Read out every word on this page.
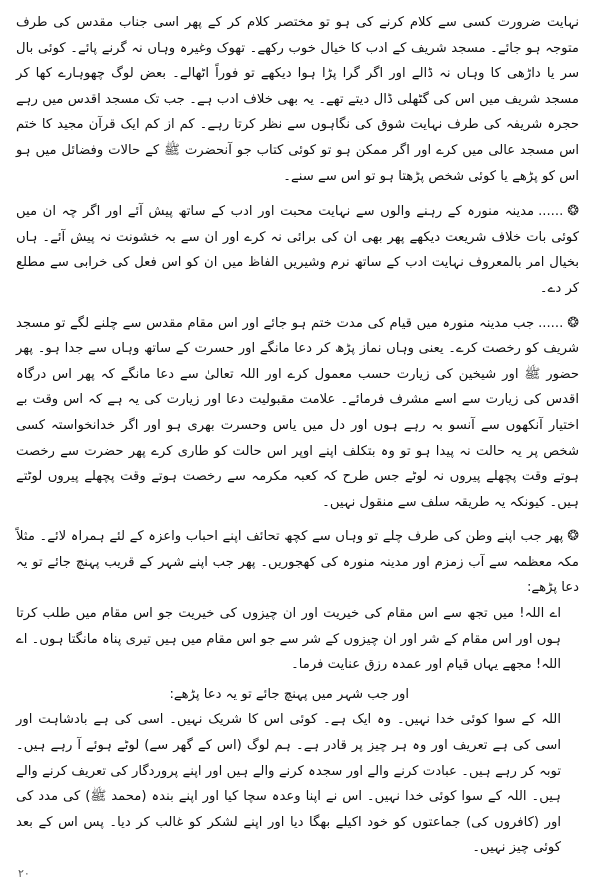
نہایت ضرورت کسی سے کلام کرنے کی ہو تو مختصر کلام کر کے پھر اسی جناب مقدس کی طرف متوجہ ہو جائے۔ مسجد شریف کے ادب کا خیال خوب رکھے۔ تھوک وغیرہ وہاں نہ گرنے پائے۔ کوئی بال سر یا داڑھی کا وہاں نہ ڈالے اور اگر گرا پڑا ہوا دیکھے تو فوراً اٹھالے۔ بعض لوگ چھوہارے کھا کر مسجد شریف میں اس کی گٹھلی ڈال دیتے تھے۔ یہ بھی خلاف ادب ہے۔ جب تک مسجد اقدس میں رہے حجرہ شریفہ کی طرف نہایت شوق کی نگاہوں سے نظر کرتا رہے۔ کم از کم ایک قرآن مجید کا ختم اس مسجد عالی میں کرے اور اگر ممکن ہو تو کوئی کتاب جو آنحضرت ﷺ کے حالات وفضائل میں ہو اس کو پڑھے یا کوئی شخص پڑھتا ہو تو اس سے سنے۔

❂......مدینہ منورہ کے رہنے والوں سے نہایت محبت اور ادب کے ساتھ پیش آئے اور اگر چہ ان میں کوئی بات خلاف شریعت دیکھے پھر بھی ان کی برائی نہ کرے اور ان سے بہ خشونت نہ پیش آئے۔ ہاں بخیال امر بالمعروف نہایت ادب کے ساتھ نرم وشیریں الفاظ میں ان کو اس فعل کی خرابی سے مطلع کر دے۔

❂......جب مدینہ منورہ میں قیام کی مدت ختم ہو جائے اور اس مقام مقدس سے چلنے لگے تو مسجد شریف کو رخصت کرے۔ یعنی وہاں نماز پڑھ کر دعا مانگے اور حسرت کے ساتھ وہاں سے جدا ہو۔ پھر حضور ﷺ اور شیخین کی زیارت حسب معمول کرے اور اللہ تعالیٰ سے دعا مانگے کہ پھر اس درگاہ اقدس کی زیارت سے اسے مشرف فرمائے۔ علامت مقبولیت دعا اور زیارت کی یہ ہے کہ اس وقت بے اختیار آنکھوں سے آنسو بہ رہے ہوں اور دل میں یاس وحسرت بھری ہو اور اگر خدانخواستہ کسی شخص پر یہ حالت نہ پیدا ہو تو وہ بتکلف اپنے اوپر اس حالت کو طاری کرے پھر حضرت سے رخصت ہوتے وقت پچھلے پیروں نہ لوٹے جس طرح کہ کعبہ مکرمہ سے رخصت ہوتے وقت پچھلے پیروں لوٹتے ہیں۔ کیونکہ یہ طریقہ سلف سے منقول نہیں۔

❂پھر جب اپنے وطن کی طرف چلے تو وہاں سے کچھ تحائف اپنے احباب واعزہ کے لئے ہمراہ لائے۔ مثلاً مکہ معظمہ سے آب زمزم اور مدینہ منورہ کی کھجوریں۔ پھر جب اپنے شہر کے قریب پہنچ جائے تو یہ دعا پڑھے:

اے اللہ! میں تجھ سے اس مقام کی خیریت اور ان چیزوں کی خیریت جو اس مقام میں طلب کرتا ہوں اور اس مقام کے شر اور ان چیزوں کے شر سے جو اس مقام میں ہیں تیری پناہ مانگتا ہوں۔ اے اللہ! مجھے یہاں قیام اور عمدہ رزق عنایت فرما۔

اور جب شہر میں پہنچ جائے تو یہ دعا پڑھے:

اللہ کے سوا کوئی خدا نہیں۔ وہ ایک ہے۔ کوئی اس کا شریک نہیں۔ اسی کی ہے بادشاہت اور اسی کی ہے تعریف اور وہ ہر چیز پر قادر ہے۔ ہم لوگ (اس کے گھر سے) لوٹے ہوئے آ رہے ہیں۔ توبہ کر رہے ہیں۔ عبادت کرنے والے اور سجدہ کرنے والے ہیں اور اپنے پروردگار کی تعریف کرنے والے ہیں۔ اللہ کے سوا کوئی خدا نہیں۔ اس نے اپنا وعدہ سچا کیا اور اپنے بندہ (محمد ﷺ) کی مدد کی اور (کافروں کی) جماعتوں کو خود اکیلے بھگا دیا اور اپنے لشکر کو غالب کر دیا۔ پس اس کے بعد کوئی چیز نہیں۔

۲۰
